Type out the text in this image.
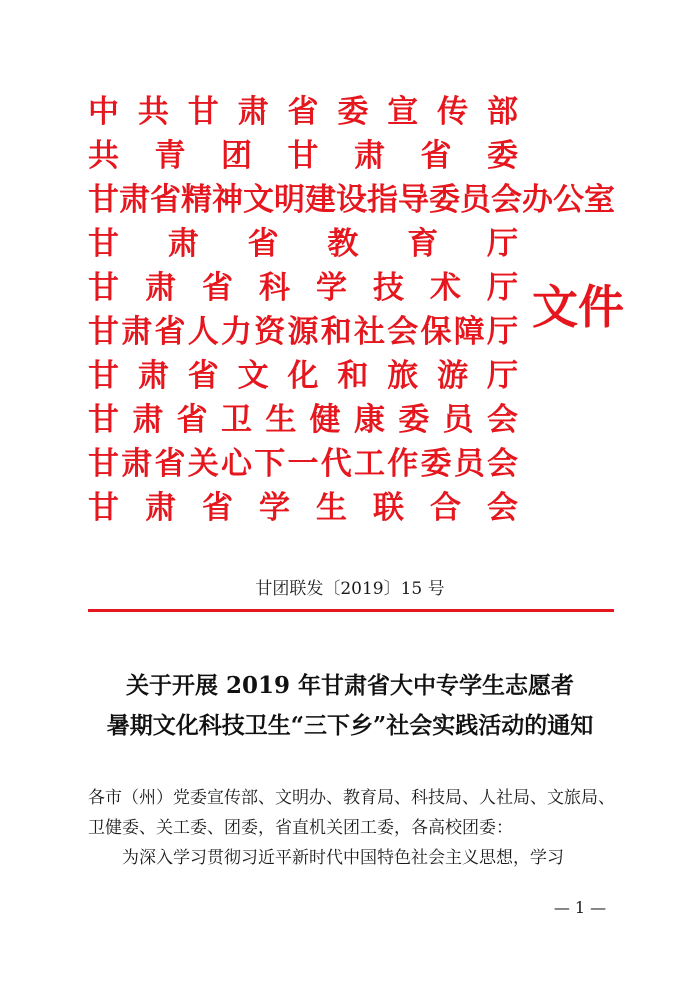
中 共 甘 肃 省 委 宣 传 部
共 青 团 甘 肃 省 委
甘 肃 省 精 神 文 明 建 设 指 导 委 员 会 办 公 室
甘 肃 省 教 育 厅
甘 肃 省 科 学 技 术 厅
甘 肃 省 人 力 资 源 和 社 会 保 障 厅
甘 肃 省 文 化 和 旅 游 厅
甘 肃 省 卫 生 健 康 委 员 会
甘 肃 省 关 心 下 一 代 工 作 委 员 会
甘 肃 省 学 生 联 合 会
文件
甘团联发〔2019〕15 号
关于开展 2019 年甘肃省大中专学生志愿者
暑期文化科技卫生“三下乡”社会实践活动的通知
各市（州）党委宣传部、文明办、教育局、科技局、人社局、文旅局、卫健委、关工委、团委，省直机关团工委，各高校团委：
为深入学习贯彻习近平新时代中国特色社会主义思想，学习
— 1 —
